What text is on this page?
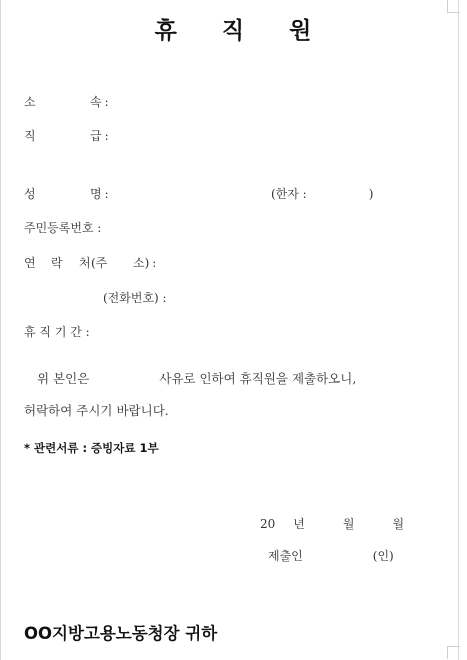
휴 직 원
소	속 :
직	급 :
성	명 :	(한자 :	)
주민등록번호 :
연 락 처(주 소) :
(전화번호) :
휴 직 기 간 :
위 본인은	사유로 인하여 휴직원을 제출하오니,
허락하여 주시기 바랍니다.
* 관련서류 : 증빙자료 1부
20 년	월	월
제출인	(인)
OO지방고용노동청장 귀하
